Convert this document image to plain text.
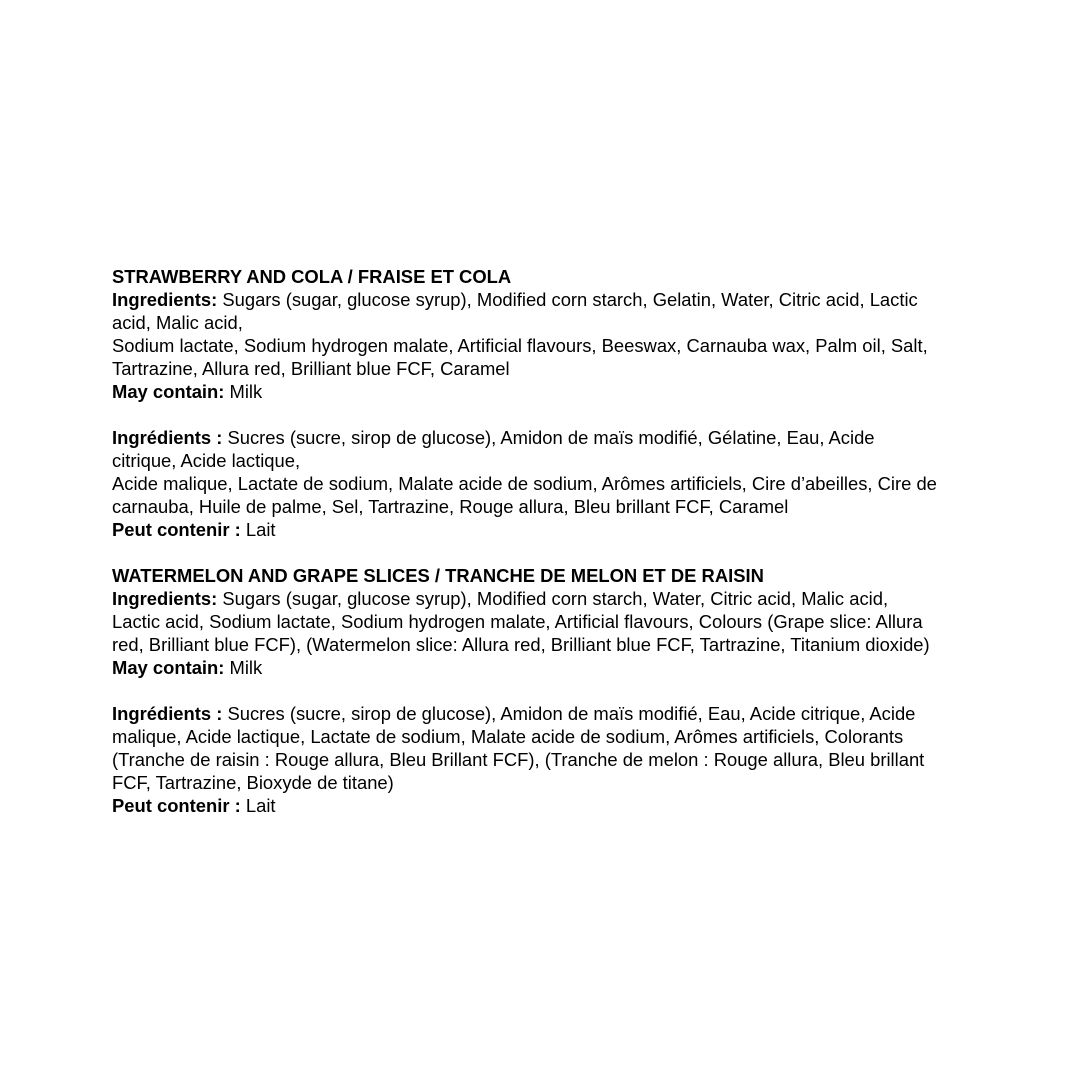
STRAWBERRY AND COLA / FRAISE ET COLA

Ingredients: Sugars (sugar, glucose syrup), Modified corn starch, Gelatin, Water, Citric acid, Lactic

acid, Malic acid,

Sodium lactate, Sodium hydrogen malate, Artificial flavours, Beeswax, Carnauba wax, Palm oil, Salt,

Tartrazine, Allura red, Brilliant blue FCF, Caramel

May contain: Milk

Ingrédients : Sucres (sucre, sirop de glucose), Amidon de maïs modifié, Gélatine, Eau, Acide

citrique, Acide lactique,

Acide malique, Lactate de sodium, Malate acide de sodium, Arômes artificiels, Cire d’abeilles, Cire de

carnauba, Huile de palme, Sel, Tartrazine, Rouge allura, Bleu brillant FCF, Caramel

Peut contenir : Lait

WATERMELON AND GRAPE SLICES / TRANCHE DE MELON ET DE RAISIN

Ingredients: Sugars (sugar, glucose syrup), Modified corn starch, Water, Citric acid, Malic acid,

Lactic acid, Sodium lactate, Sodium hydrogen malate, Artificial flavours, Colours (Grape slice: Allura

red, Brilliant blue FCF), (Watermelon slice: Allura red, Brilliant blue FCF, Tartrazine, Titanium dioxide)

May contain: Milk

Ingrédients : Sucres (sucre, sirop de glucose), Amidon de maïs modifié, Eau, Acide citrique, Acide

malique, Acide lactique, Lactate de sodium, Malate acide de sodium, Arômes artificiels, Colorants

(Tranche de raisin : Rouge allura, Bleu Brillant FCF), (Tranche de melon : Rouge allura, Bleu brillant

FCF, Tartrazine, Bioxyde de titane)

Peut contenir : Lait
